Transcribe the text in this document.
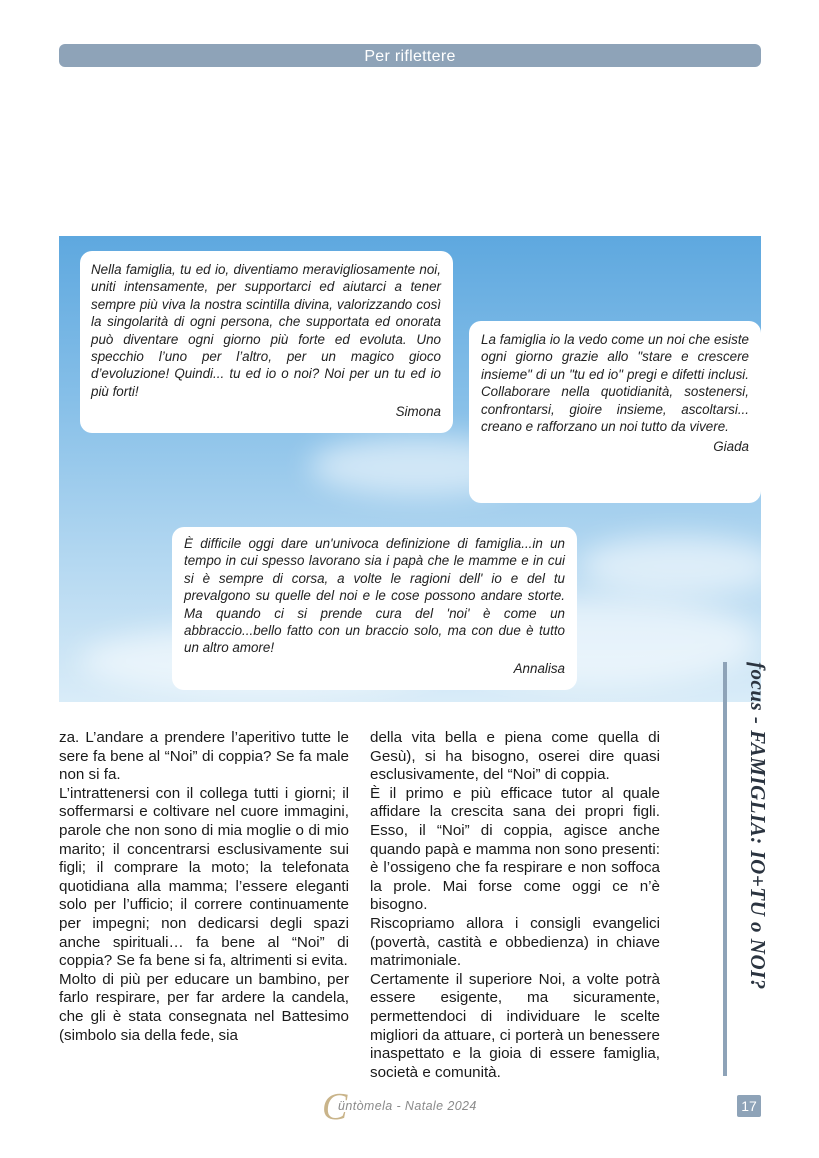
Per riflettere

Nella famiglia, tu ed io, diventiamo meravigliosamente noi, uniti intensamente, per supportarci ed aiutarci a tener sempre più viva la nostra scintilla divina, valorizzando così la singolarità di ogni persona, che supportata ed onorata può diventare ogni giorno più forte ed evoluta. Uno specchio l’uno per l’altro, per un magico gioco d’evoluzione! Quindi... tu ed io o noi? Noi per un tu ed io più forti!

Simona

La famiglia io la vedo come un noi che esiste ogni giorno grazie allo "stare e crescere insieme" di un "tu ed io" pregi e difetti inclusi. Collaborare nella quotidianità, sostenersi, confrontarsi, gioire insieme, ascoltarsi... creano e rafforzano un noi tutto da vivere.

Giada

È difficile oggi dare un'univoca definizione di famiglia...in un tempo in cui spesso lavorano sia i papà che le mamme e in cui si è sempre di corsa, a volte le ragioni dell' io e del tu prevalgono su quelle del noi e le cose possono andare storte. Ma quando ci si prende cura del 'noi' è come un abbraccio...bello fatto con un braccio solo, ma con due è tutto un altro amore!

Annalisa

za. L’andare a prendere l’aperitivo tutte le sere fa bene al “Noi” di coppia? Se fa male non si fa.

L’intrattenersi con il collega tutti i giorni; il soffermarsi e coltivare nel cuore immagini, parole che non sono di mia moglie o di mio marito; il concentrarsi esclusivamente sui figli; il comprare la moto; la telefonata quotidiana alla mamma; l’essere eleganti solo per l’ufficio; il correre continuamente per impegni; non dedicarsi degli spazi anche spirituali… fa bene al “Noi” di coppia? Se fa bene si fa, altrimenti si evita.

Molto di più per educare un bambino, per farlo respirare, per far ardere la candela, che gli è stata consegnata nel Battesimo (simbolo sia della fede, sia

della vita bella e piena come quella di Gesù), si ha bisogno, oserei dire quasi esclusivamente, del “Noi” di coppia.

È il primo e più efficace tutor al quale affidare la crescita sana dei propri figli. Esso, il “Noi” di coppia, agisce anche quando papà e mamma non sono presenti: è l’ossigeno che fa respirare e non soffoca la prole. Mai forse come oggi ce n’è bisogno.

Riscopriamo allora i consigli evangelici (povertà, castità e obbedienza) in chiave matrimoniale.

Certamente il superiore Noi, a volte potrà essere esigente, ma sicuramente, permettendoci di individuare le scelte migliori da attuare, ci porterà un benessere inaspettato e la gioia di essere famiglia, società e comunità.

focus - FAMIGLIA: IO+TU o NOI?
C
üntòmela - Natale 2024	17
